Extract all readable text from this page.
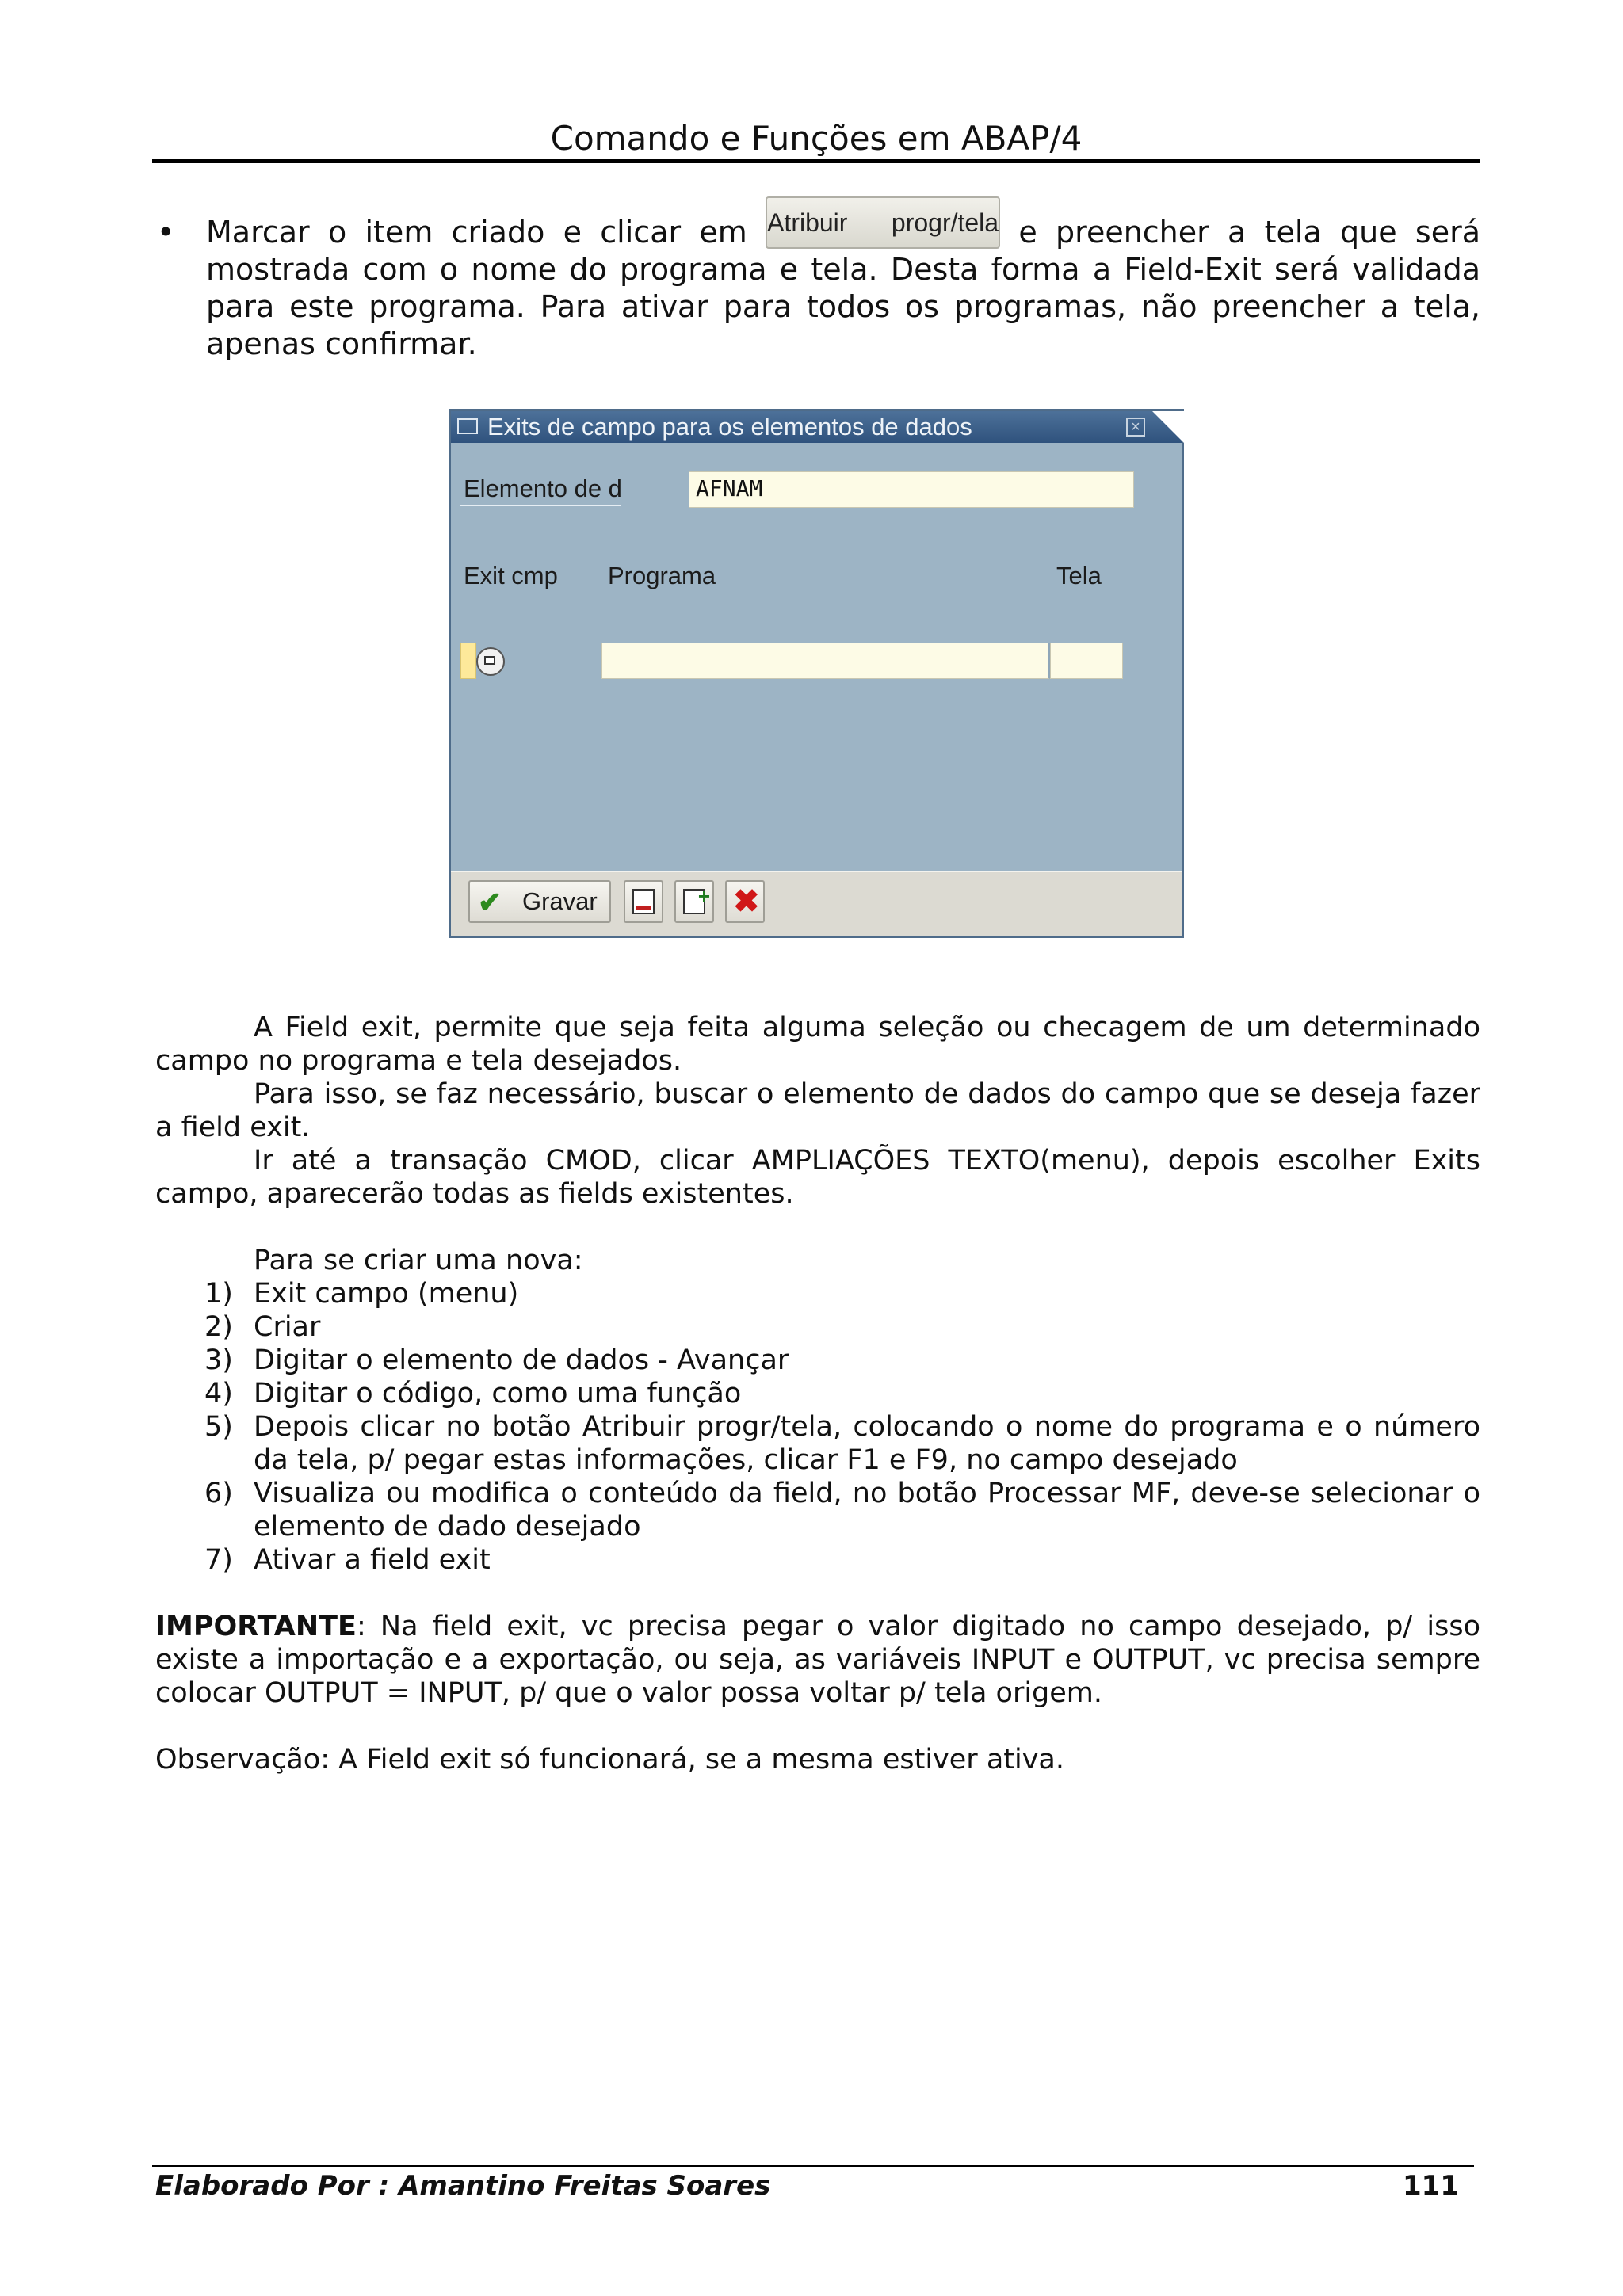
Comando e Funções em ABAP/4
• Marcar o item criado e clicar em Atribuir progr/tela e preencher a tela que será
mostrada com o nome do programa e tela. Desta forma a Field-Exit será validada
para este programa. Para ativar para todos os programas, não preencher a tela,
apenas confirmar.
Exits de campo para os elementos de dados	×
Elemento de d	AFNAM
Exit cmp Programa	Tela
✔ Gravar	+ ✖
A Field exit, permite que seja feita alguma seleção ou checagem de um determinado
campo no programa e tela desejados.
Para isso, se faz necessário, buscar o elemento de dados do campo que se deseja fazer
a field exit.
Ir até a transação CMOD, clicar AMPLIAÇÕES TEXTO(menu), depois escolher Exits
campo, aparecerão todas as fields existentes.
Para se criar uma nova:
1) Exit campo (menu)
2) Criar
3) Digitar o elemento de dados - Avançar
4) Digitar o código, como uma função
5) Depois clicar no botão Atribuir progr/tela, colocando o nome do programa e o número
da tela, p/ pegar estas informações, clicar F1 e F9, no campo desejado
6) Visualiza ou modifica o conteúdo da field, no botão Processar MF, deve-se selecionar o
elemento de dado desejado
7) Ativar a field exit
IMPORTANTE: Na field exit, vc precisa pegar o valor digitado no campo desejado, p/ isso
existe a importação e a exportação, ou seja, as variáveis INPUT e OUTPUT, vc precisa sempre
colocar OUTPUT = INPUT, p/ que o valor possa voltar p/ tela origem.
Observação: A Field exit só funcionará, se a mesma estiver ativa.
Elaborado Por : Amantino Freitas Soares	111
